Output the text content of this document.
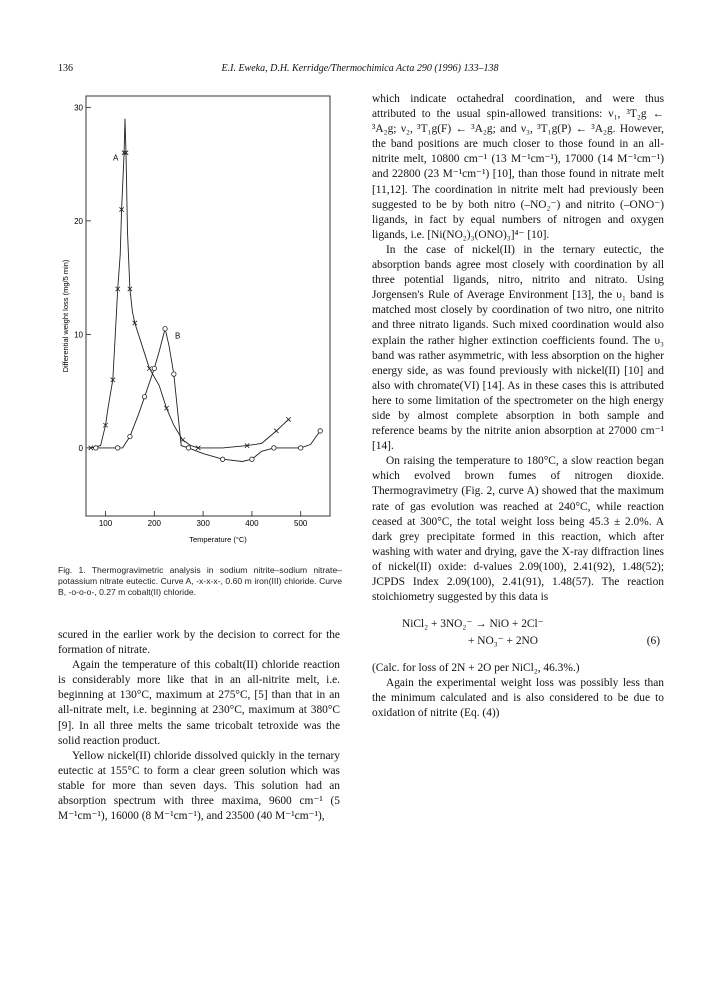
136	E.I. Eweka, D.H. Kerridge/Thermochimica Acta 290 (1996) 133–138
0
10
20
30
100	200	300	400	500
Temperature (°C)
Differential weight loss (mg/5 min)
A
B
Fig. 1. Thermogravimetric analysis in sodium nitrite–sodium nitrate–potassium nitrate eutectic. Curve A, -x-x-x-, 0.60 m iron(III) chloride. Curve B, -o-o-o-, 0.27 m cobalt(II) chloride.

scured in the earlier work by the decision to correct for the formation of nitrate.

Again the temperature of this cobalt(II) chloride reaction is considerably more like that in an all-nitrite melt, i.e. beginning at 130°C, maximum at 275°C, [5] than that in an all-nitrate melt, i.e. beginning at 230°C, maximum at 380°C [9]. In all three melts the same tricobalt tetroxide was the solid reaction product.

Yellow nickel(II) chloride dissolved quickly in the ternary eutectic at 155°C to form a clear green solution which was stable for more than seven days. This solution had an absorption spectrum with three maxima, 9600 cm⁻¹ (5 M⁻¹cm⁻¹), 16000 (8 M⁻¹cm⁻¹), and 23500 (40 M⁻¹cm⁻¹),

which indicate octahedral coordination, and were thus attributed to the usual spin-allowed transitions: ν₁, ³T₂g ← ³A₂g; ν₂, ³T₁g(F) ← ³A₂g; and ν₃, ³T₁g(P) ← ³A₂g. However, the band positions are much closer to those found in an all-nitrite melt, 10800 cm⁻¹ (13 M⁻¹cm⁻¹), 17000 (14 M⁻¹cm⁻¹) and 22800 (23 M⁻¹cm⁻¹) [10], than those found in nitrate melt [11,12]. The coordination in nitrite melt had previously been suggested to be by both nitro (–NO₂⁻) and nitrito (–ONO⁻) ligands, in fact by equal numbers of nitrogen and oxygen ligands, i.e. [Ni(NO₂)₃(ONO)₃]⁴⁻ [10].

In the case of nickel(II) in the ternary eutectic, the absorption bands agree most closely with coordination by all three potential ligands, nitro, nitrito and nitrato. Using Jorgensen's Rule of Average Environment [13], the υ₁ band is matched most closely by coordination of two nitro, one nitrito and three nitrato ligands. Such mixed coordination would also explain the rather higher extinction coefficients found. The υ₃ band was rather asymmetric, with less absorption on the higher energy side, as was found previously with nickel(II) [10] and also with chromate(VI) [14]. As in these cases this is attributed here to some limitation of the spectrometer on the high energy side by almost complete absorption in both sample and reference beams by the nitrite anion absorption at 27000 cm⁻¹ [14].

On raising the temperature to 180°C, a slow reaction began which evolved brown fumes of nitrogen dioxide. Thermogravimetry (Fig. 2, curve A) showed that the maximum rate of gas evolution was reached at 240°C, while reaction ceased at 300°C, the total weight loss being 45.3 ± 2.0%. A dark grey precipitate formed in this reaction, which after washing with water and drying, gave the X-ray diffraction lines of nickel(II) oxide: d-values 2.09(100), 2.41(92), 1.48(52); JCPDS Index 2.09(100), 2.41(91), 1.48(57). The reaction stoichiometry suggested by this data is

NiCl₂ + 3NO₂⁻ → NiO + 2Cl⁻
+ NO₃⁻ + 2NO	(6)

(Calc. for loss of 2N + 2O per NiCl₂, 46.3%.)

Again the experimental weight loss was possibly less than the minimum calculated and is also considered to be due to oxidation of nitrite (Eq. (4))
